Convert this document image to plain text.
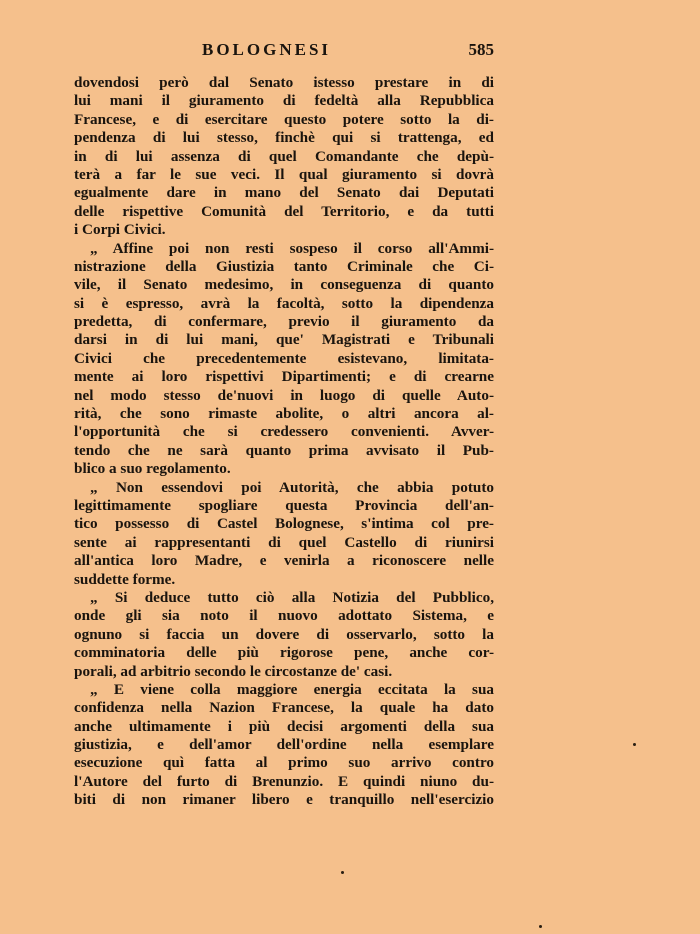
BOLOGNESI	585
dovendosi però dal Senato istesso prestare in di
lui mani il giuramento di fedeltà alla Repubblica
Francese, e di esercitare questo potere sotto la di-
pendenza di lui stesso, finchè qui si trattenga, ed
in di lui assenza di quel Comandante che depù-
terà a far le sue veci. Il qual giuramento si dovrà
egualmente dare in mano del Senato dai Deputati
delle rispettive Comunità del Territorio, e da tutti
i Corpi Civici.
„ Affine poi non resti sospeso il corso all'Ammi-
nistrazione della Giustizia tanto Criminale che Ci-
vile, il Senato medesimo, in conseguenza di quanto
si è espresso, avrà la facoltà, sotto la dipendenza
predetta, di confermare, previo il giuramento da
darsi in di lui mani, que' Magistrati e Tribunali
Civici che precedentemente esistevano, limitata-
mente ai loro rispettivi Dipartimenti; e di crearne
nel modo stesso de'nuovi in luogo di quelle Auto-
rità, che sono rimaste abolite, o altri ancora al-
l'opportunità che si credessero convenienti. Avver-
tendo che ne sarà quanto prima avvisato il Pub-
blico a suo regolamento.
„ Non essendovi poi Autorità, che abbia potuto
legittimamente spogliare questa Provincia dell'an-
tico possesso di Castel Bolognese, s'intima col pre-
sente ai rappresentanti di quel Castello di riunirsi
all'antica loro Madre, e venirla a riconoscere nelle
suddette forme.
„ Si deduce tutto ciò alla Notizia del Pubblico,
onde gli sia noto il nuovo adottato Sistema, e
ognuno si faccia un dovere di osservarlo, sotto la
comminatoria delle più rigorose pene, anche cor-
porali, ad arbitrio secondo le circostanze de' casi.
„ E viene colla maggiore energia eccitata la sua
confidenza nella Nazion Francese, la quale ha dato
anche ultimamente i più decisi argomenti della sua
giustizia, e dell'amor dell'ordine nella esemplare
esecuzione quì fatta al primo suo arrivo contro
l'Autore del furto di Brenunzio. E quindi niuno du-
biti di non rimaner libero e tranquillo nell'esercizio
